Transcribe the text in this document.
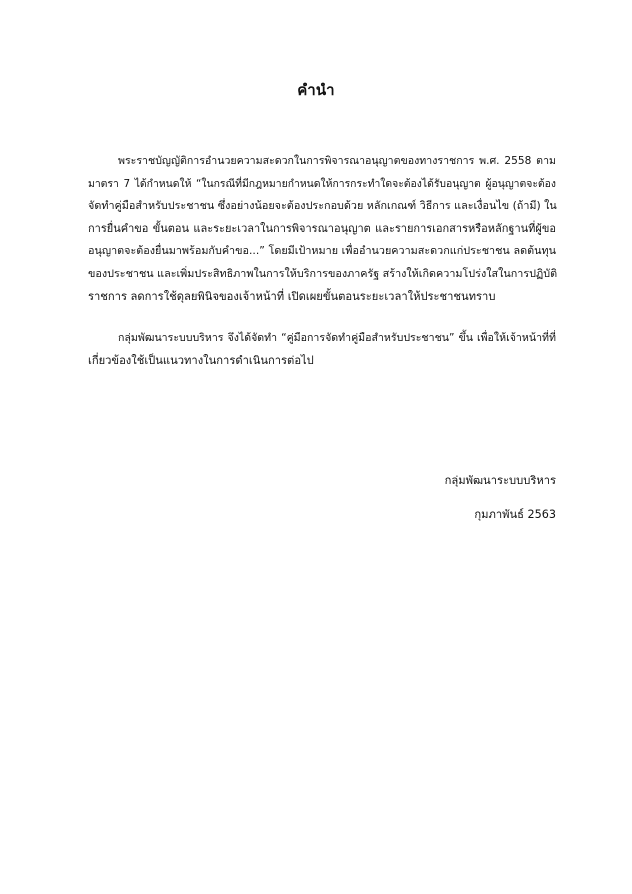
คำนำ
พระราชบัญญัติการอำนวยความสะดวกในการพิจารณาอนุญาตของทางราชการ พ.ศ. 2558 ตาม
มาตรา 7 ได้กำหนดให้ “ในกรณีที่มีกฎหมายกำหนดให้การกระทำใดจะต้องได้รับอนุญาต ผู้อนุญาตจะต้อง
จัดทำคู่มือสำหรับประชาชน ซึ่งอย่างน้อยจะต้องประกอบด้วย หลักเกณฑ์ วิธีการ และเงื่อนไข (ถ้ามี) ใน
การยื่นคำขอ ขั้นตอน และระยะเวลาในการพิจารณาอนุญาต และรายการเอกสารหรือหลักฐานที่ผู้ขอ
อนุญาตจะต้องยื่นมาพร้อมกับคำขอ...” โดยมีเป้าหมาย เพื่ออำนวยความสะดวกแก่ประชาชน ลดต้นทุน
ของประชาชน และเพิ่มประสิทธิภาพในการให้บริการของภาครัฐ สร้างให้เกิดความโปร่งใสในการปฏิบัติ
ราชการ ลดการใช้ดุลยพินิจของเจ้าหน้าที่ เปิดเผยขั้นตอนระยะเวลาให้ประชาชนทราบ
กลุ่มพัฒนาระบบบริหาร จึงได้จัดทำ “คู่มือการจัดทำคู่มือสำหรับประชาชน” ขึ้น เพื่อให้เจ้าหน้าที่ที่
เกี่ยวข้องใช้เป็นแนวทางในการดำเนินการต่อไป
กลุ่มพัฒนาระบบบริหาร
กุมภาพันธ์ 2563
